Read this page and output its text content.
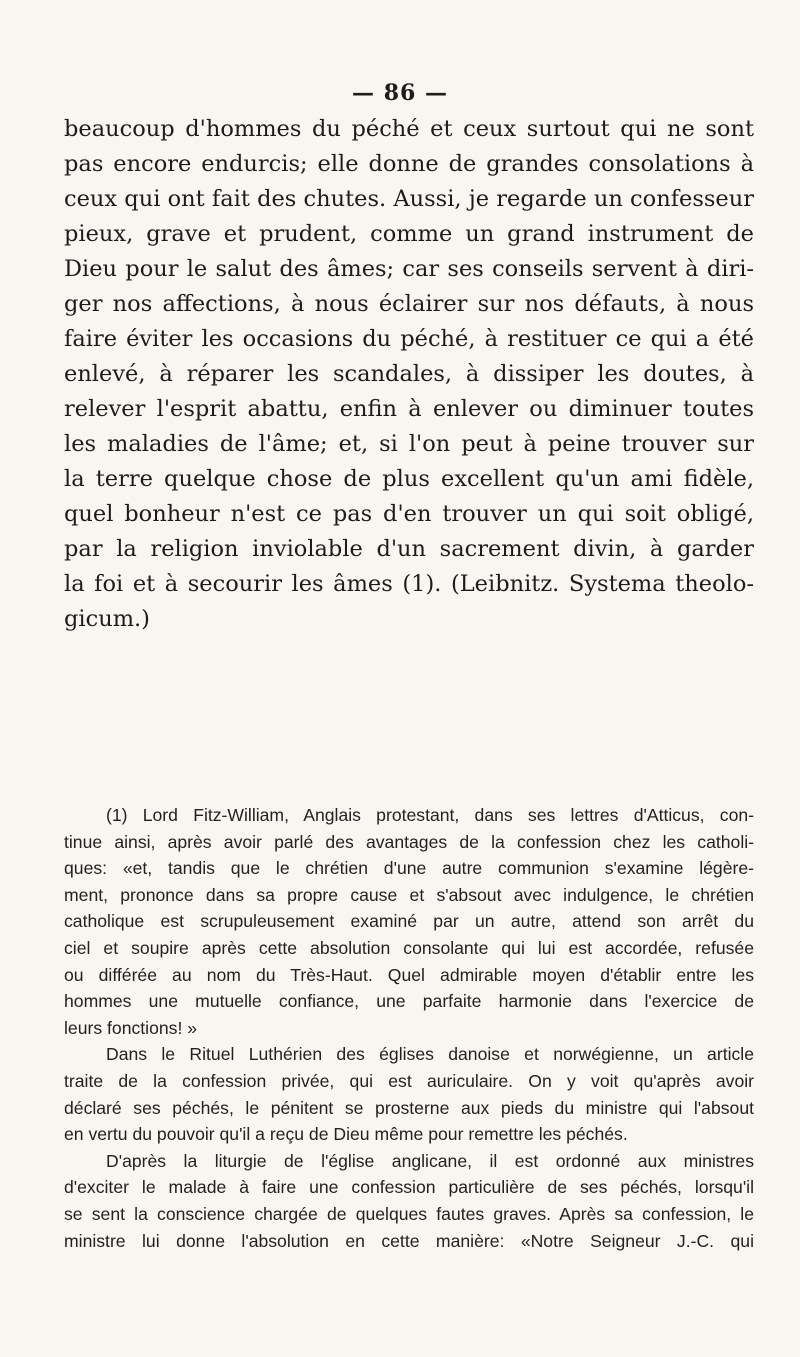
— 86 —
beaucoup d'hommes du péché et ceux surtout qui ne sont
pas encore endurcis; elle donne de grandes consolations à
ceux qui ont fait des chutes. Aussi, je regarde un confesseur
pieux, grave et prudent, comme un grand instrument de
Dieu pour le salut des âmes; car ses conseils servent à diri-
ger nos affections, à nous éclairer sur nos défauts, à nous
faire éviter les occasions du péché, à restituer ce qui a été
enlevé, à réparer les scandales, à dissiper les doutes, à
relever l'esprit abattu, enfin à enlever ou diminuer toutes
les maladies de l'âme; et, si l'on peut à peine trouver sur
la terre quelque chose de plus excellent qu'un ami fidèle,
quel bonheur n'est ce pas d'en trouver un qui soit obligé,
par la religion inviolable d'un sacrement divin, à garder
la foi et à secourir les âmes (1). (Leibnitz. Systema theolo-
gicum.)
(1) Lord Fitz-William, Anglais protestant, dans ses lettres d'Atticus, con-
tinue ainsi, après avoir parlé des avantages de la confession chez les catholi-
ques: «et, tandis que le chrétien d'une autre communion s'examine légère-
ment, prononce dans sa propre cause et s'absout avec indulgence, le chrétien
catholique est scrupuleusement examiné par un autre, attend son arrêt du
ciel et soupire après cette absolution consolante qui lui est accordée, refusée
ou différée au nom du Très-Haut. Quel admirable moyen d'établir entre les
hommes une mutuelle confiance, une parfaite harmonie dans l'exercice de
leurs fonctions! »
Dans le Rituel Luthérien des églises danoise et norwégienne, un article
traite de la confession privée, qui est auriculaire. On y voit qu'après avoir
déclaré ses péchés, le pénitent se prosterne aux pieds du ministre qui l'absout
en vertu du pouvoir qu'il a reçu de Dieu même pour remettre les péchés.
D'après la liturgie de l'église anglicane, il est ordonné aux ministres
d'exciter le malade à faire une confession particulière de ses péchés, lorsqu'il
se sent la conscience chargée de quelques fautes graves. Après sa confession, le
ministre lui donne l'absolution en cette manière: «Notre Seigneur J.-C. qui
